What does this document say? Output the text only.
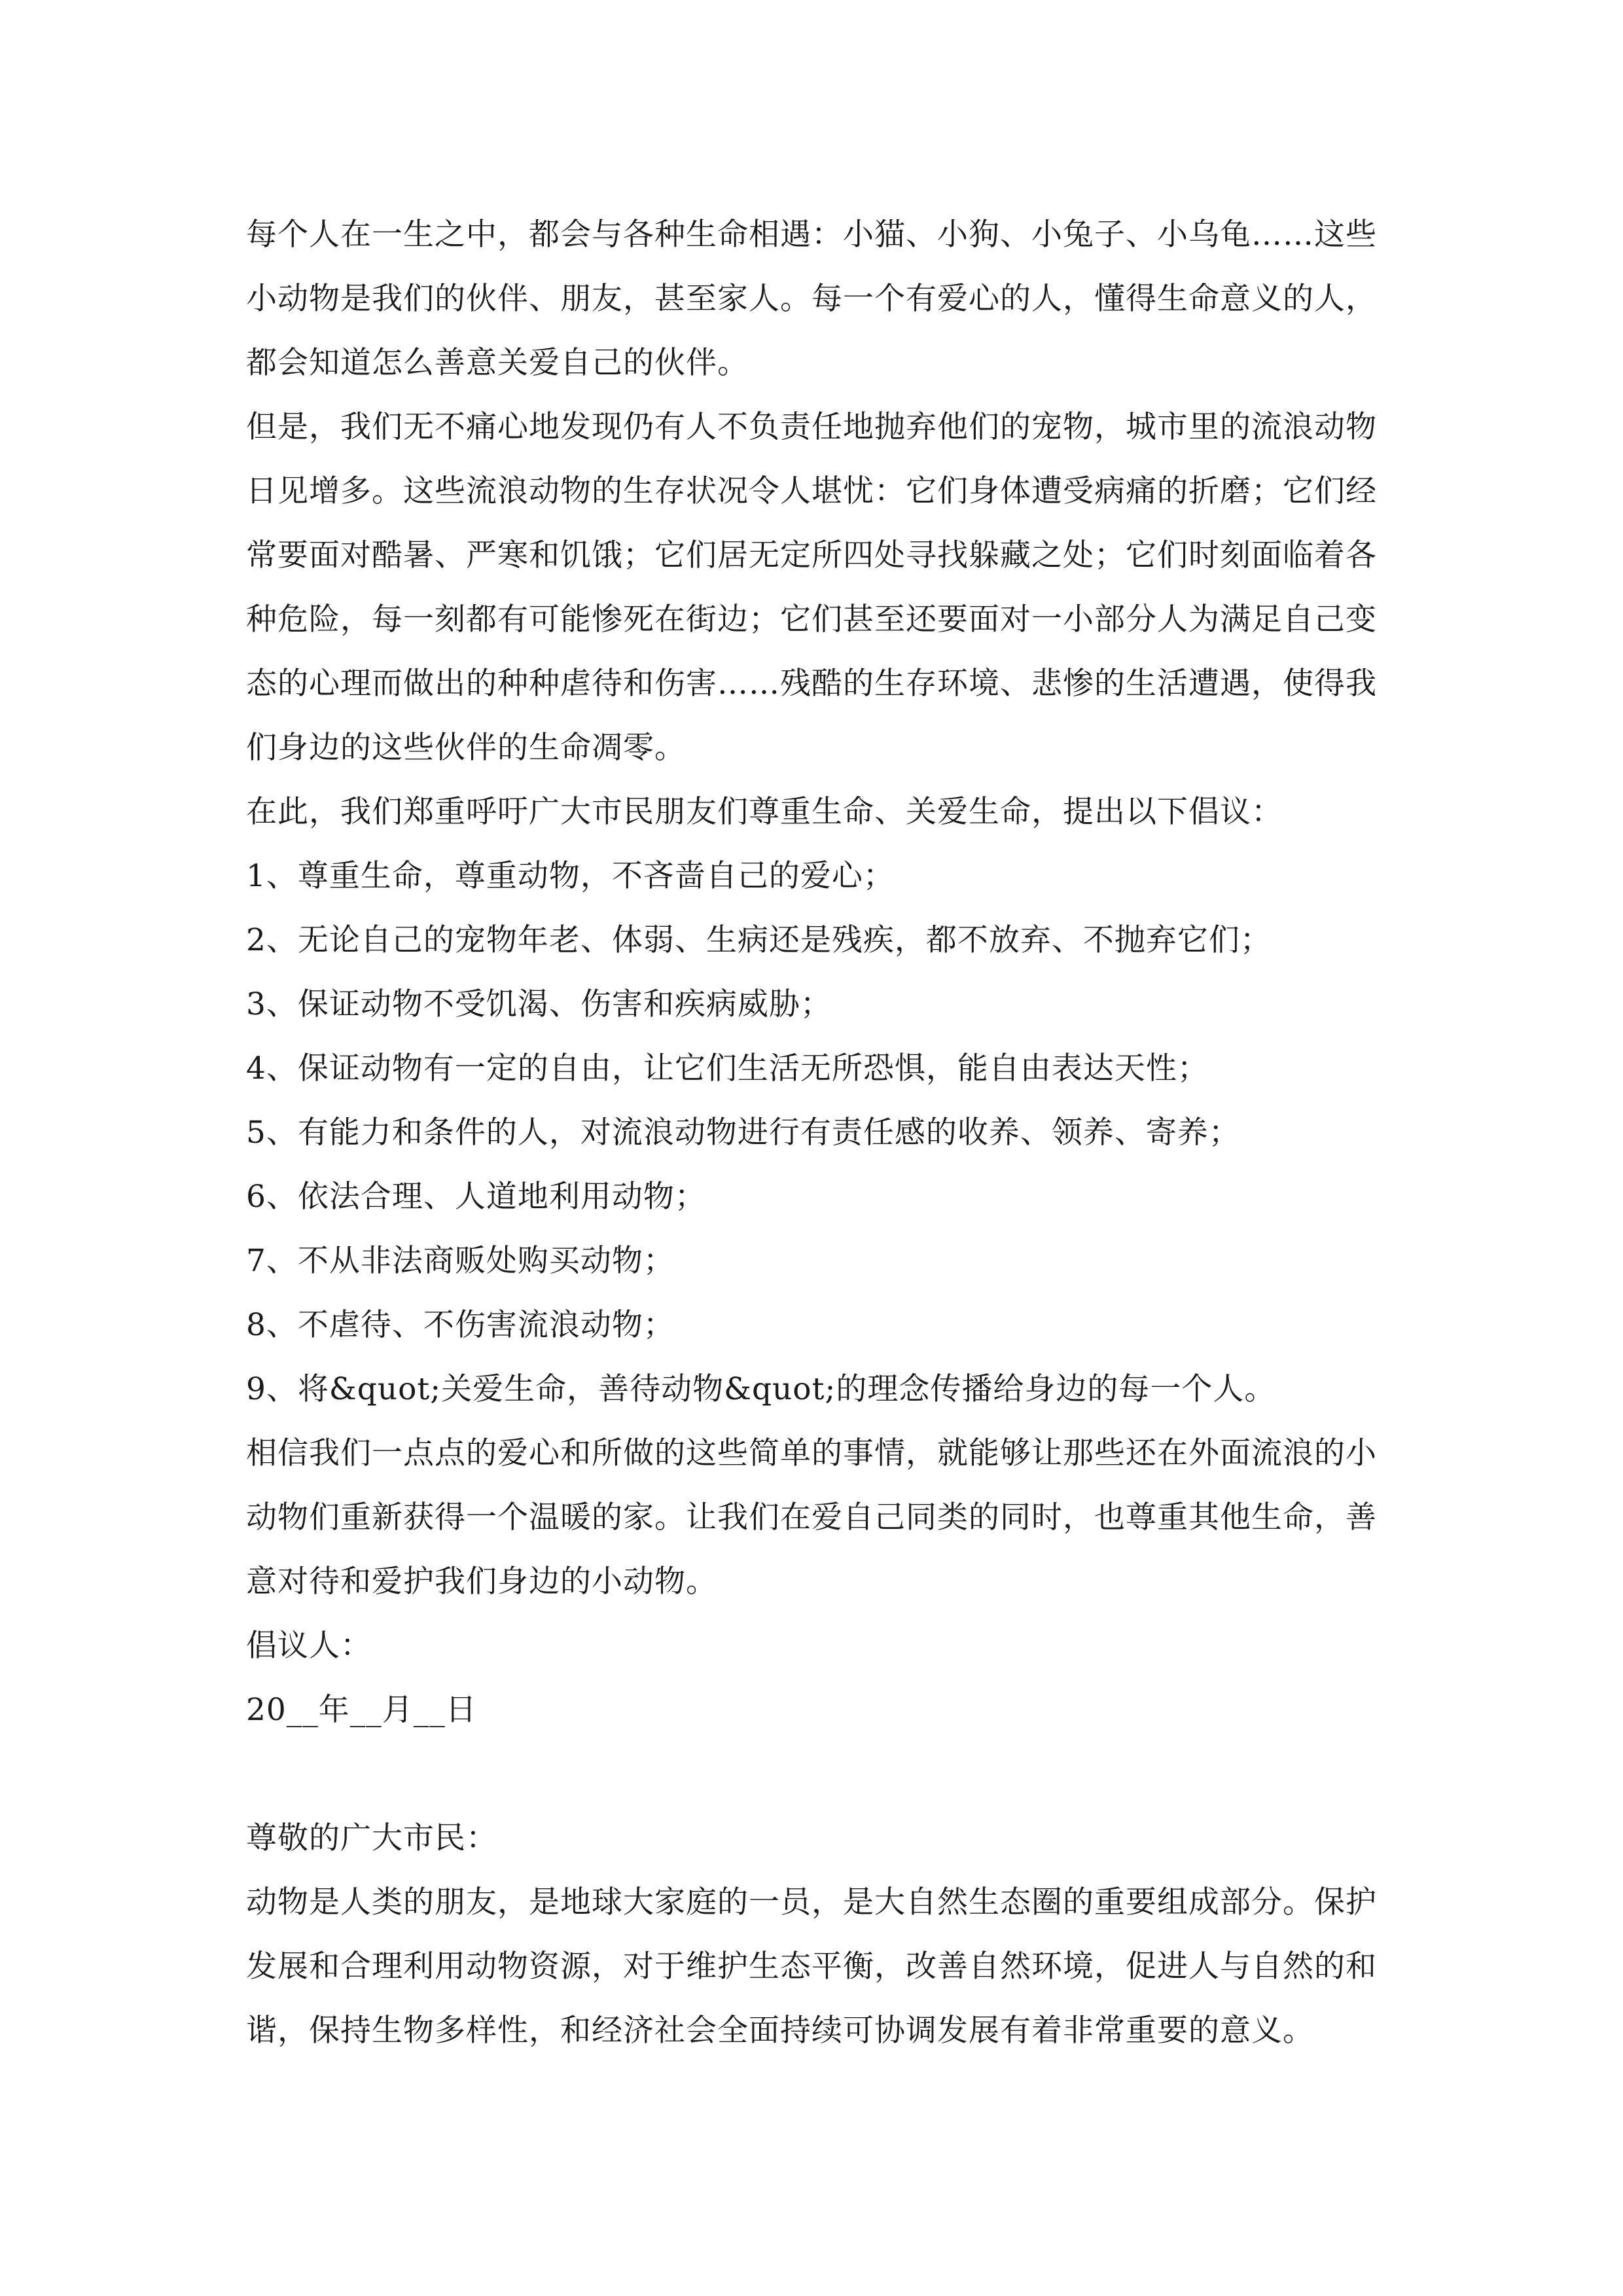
每个人在一生之中，都会与各种生命相遇：小猫、小狗、小兔子、小乌龟……这些小动物是我们的伙伴、朋友，甚至家人。每一个有爱心的人，懂得生命意义的人，都会知道怎么善意关爱自己的伙伴。

但是，我们无不痛心地发现仍有人不负责任地抛弃他们的宠物，城市里的流浪动物日见增多。这些流浪动物的生存状况令人堪忧：它们身体遭受病痛的折磨；它们经常要面对酷暑、严寒和饥饿；它们居无定所四处寻找躲藏之处；它们时刻面临着各种危险，每一刻都有可能惨死在街边；它们甚至还要面对一小部分人为满足自己变态的心理而做出的种种虐待和伤害……残酷的生存环境、悲惨的生活遭遇，使得我们身边的这些伙伴的生命凋零。

在此，我们郑重呼吁广大市民朋友们尊重生命、关爱生命，提出以下倡议：

1、尊重生命，尊重动物，不吝啬自己的爱心；

2、无论自己的宠物年老、体弱、生病还是残疾，都不放弃、不抛弃它们；

3、保证动物不受饥渴、伤害和疾病威胁；

4、保证动物有一定的自由，让它们生活无所恐惧，能自由表达天性；

5、有能力和条件的人，对流浪动物进行有责任感的收养、领养、寄养；

6、依法合理、人道地利用动物；

7、不从非法商贩处购买动物；

8、不虐待、不伤害流浪动物；

9、将&quot;关爱生命，善待动物&quot;的理念传播给身边的每一个人。

相信我们一点点的爱心和所做的这些简单的事情，就能够让那些还在外面流浪的小动物们重新获得一个温暖的家。让我们在爱自己同类的同时，也尊重其他生命，善意对待和爱护我们身边的小动物。

倡议人：

20__年__月__日

尊敬的广大市民：

动物是人类的朋友，是地球大家庭的一员，是大自然生态圈的重要组成部分。保护发展和合理利用动物资源，对于维护生态平衡，改善自然环境，促进人与自然的和谐，保持生物多样性，和经济社会全面持续可协调发展有着非常重要的意义。
